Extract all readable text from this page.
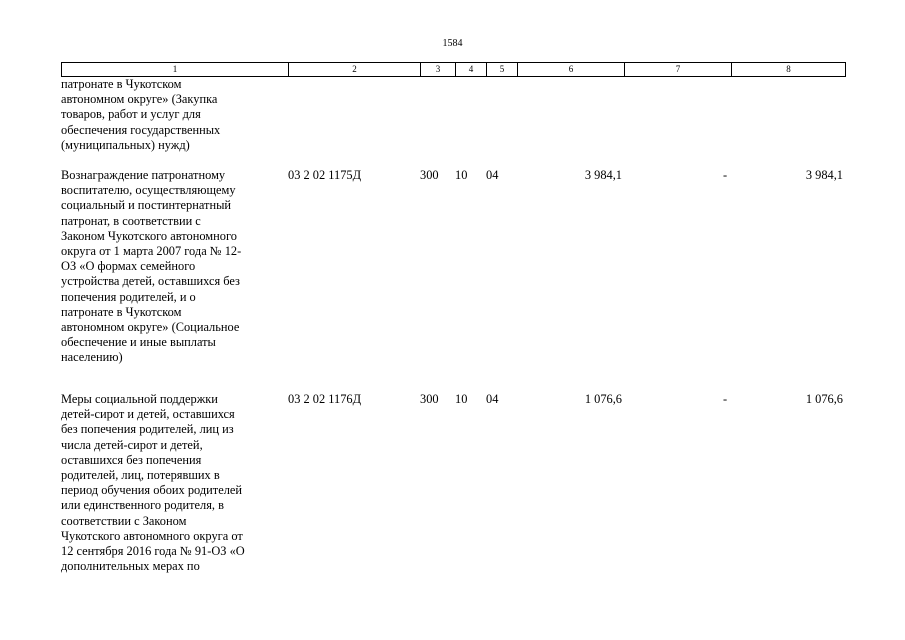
1584
1	2	3	4	5	6	7	8
патронате в Чукотском
автономном округе» (Закупка
товаров, работ и услуг для
обеспечения государственных
(муниципальных) нужд)
Вознаграждение патронатному
воспитателю, осуществляющему
социальный и постинтернатный
патронат, в соответствии с
Законом Чукотского автономного
округа от 1 марта 2007 года № 12-
ОЗ «О формах семейного
устройства детей, оставшихся без
попечения родителей, и о
патронате в Чукотском
автономном округе» (Социальное
обеспечение и иные выплаты
населению)
03 2 02 1175Д	300 10 04	3 984,1	-	3 984,1
Меры социальной поддержки
детей-сирот и детей, оставшихся
без попечения родителей, лиц из
числа детей-сирот и детей,
оставшихся без попечения
родителей, лиц, потерявших в
период обучения обоих родителей
или единственного родителя, в
соответствии с Законом
Чукотского автономного округа от
12 сентября 2016 года № 91-ОЗ «О
дополнительных мерах по
03 2 02 1176Д	300 10 04	1 076,6	-	1 076,6
